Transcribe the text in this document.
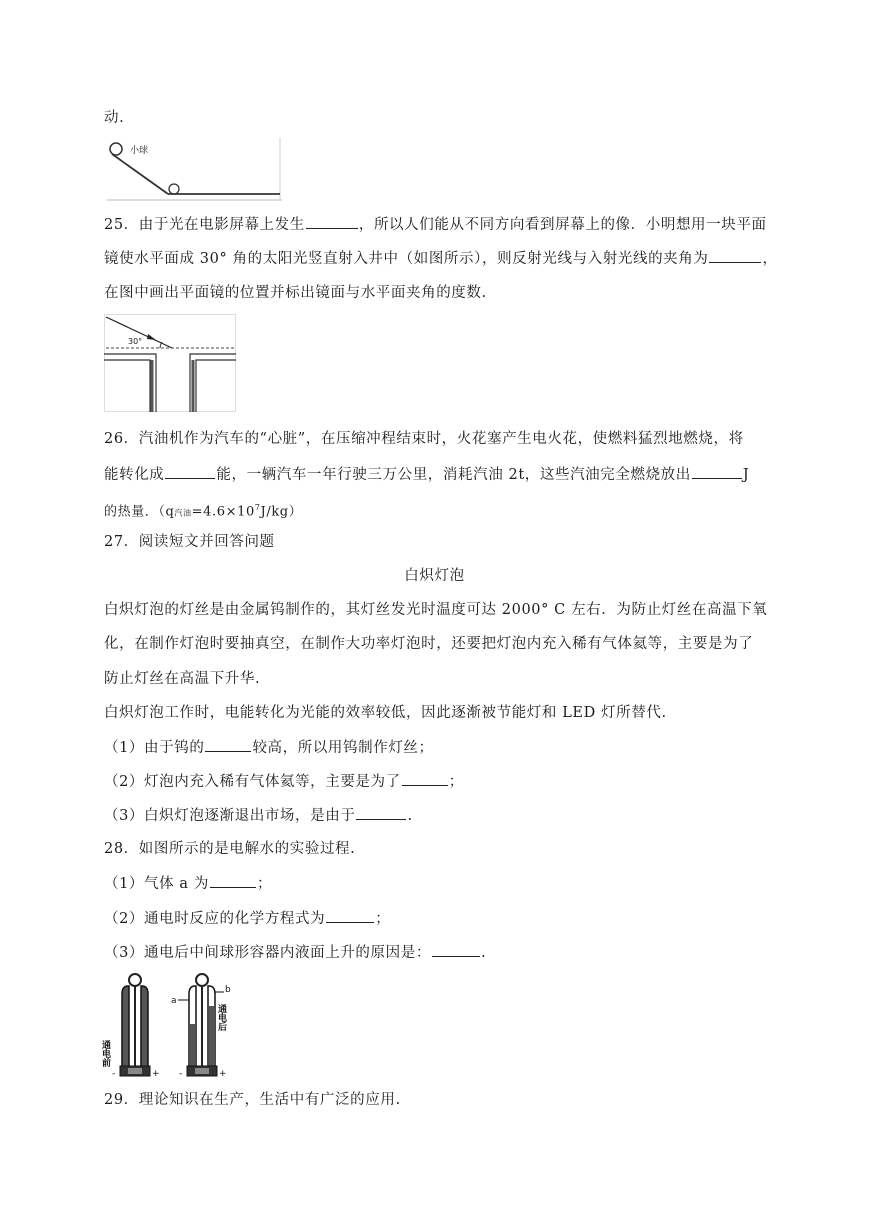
动.
小球
25．由于光在电影屏幕上发生	，所以人们能从不同方向看到屏幕上的像．小明想用一块平面
镜使水平面成 30° 角的太阳光竖直射入井中（如图所示），则反射光线与入射光线的夹角为	，
在图中画出平面镜的位置并标出镜面与水平面夹角的度数.
30°
26．汽油机作为汽车的“心脏”，在压缩冲程结束时，火花塞产生电火花，使燃料猛烈地燃烧，将
能转化成	能，一辆汽车一年行驶三万公里，消耗汽油 2t，这些汽油完全燃烧放出	J
的热量．（q汽油$=4.6\times 10^7J/kg$）
27．阅读短文并回答问题
白炽灯泡
白炽灯泡的灯丝是由金属钨制作的，其灯丝发光时温度可达 2000° C 左右．为防止灯丝在高温下氧
化，在制作灯泡时要抽真空，在制作大功率灯泡时，还要把灯泡内充入稀有气体氦等，主要是为了
防止灯丝在高温下升华.
白炽灯泡工作时，电能转化为光能的效率较低，因此逐渐被节能灯和 LED 灯所替代.
（1）由于钨的	较高，所以用钨制作灯丝；
（2）灯泡内充入稀有气体氦等，主要是为了	；
（3）白炽灯泡逐渐退出市场，是由于	.
28．如图所示的是电解水的实验过程.
（1）气体 a 为	；
（2）通电时反应的化学方程式为	；
（3）通电后中间球形容器内液面上升的原因是：	.
通电前
-	+
a
b
通电后
-	+
29．理论知识在生产，生活中有广泛的应用.
